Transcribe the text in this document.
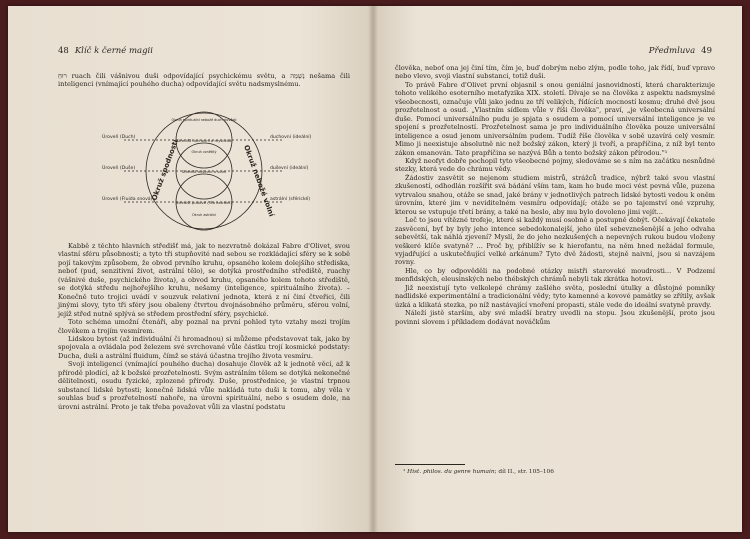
48 Klíč k černé magii

רוּחַ ruach čili vášnivou duši odpovídající psychickému světu, a נְשָׁמָה nešama čili inteligenci (vnímající pouhého ducha) odpovídající světu nadsmyslnému.

Úroveň (Duch)
Úroveň (Duše)
Úroveň (Fluida snová)
duchovní (ideální)
duševní (ideální)
astrální (sférické)
Středišť duchovní a mystická
Středišť duševní a volní
Středišť pudové (Těo astrální)
Okruh spirituální nebožé duch zlověstí
Okruh vznětitý
Okruh astrální
Okruž spodnosti	Okruž nebožé volní

Kabbě z těchto hlavních středišť má, jak to nezvratně dokázal Fabre d'Olivet, svou vlastní sféru působnosti; a tyto tři stupňovité nad sebou se rozkládající sféry se k sobě pojí takovým způsobem, že obvod prvního kruhu, opsaného kolem dolejšího střediska, neboť (pud, senzitivní život, astrální tělo), se dotýká prostředního střediště, ruachy (vášnivé duše, psychického života), a obvod kruhu, opsaného kolem tohoto střediště, se dotýká středu nejhořejšího kruhu, nešamy (inteligence, spirituálního života). – Konečně tuto trojici uvádí v souzvuk relativní jednota, která z ní činí čtveřici, čili jinými slovy, tyto tři sféry jsou obaleny čtvrtou dvojnásobného průměru, sférou volní, jejíž střed nutně splývá se středem prostřední sféry, psychické.

Toto schéma umožní čtenáři, aby poznal na první pohled tyto vztahy mezi trojím člověkem a trojím vesmírem.

Lidskou bytost (až individuální či hromadnou) si můžeme představovat tak, jako by spojovala a ovládala pod železem své svrchované vůle částku trojí kosmické podstaty: Ducha, duši a astrální fluidum, čímž se stává účastna trojího života vesmíru.

Svoji inteligencí (vnímající pouhého ducha) dosahuje člověk až k jednotě věcí, až k přírodě plodící, až k božské prozřetelnosti. Svým astrálním tělem se dotýká nekonečné dělitelnosti, osudu fyzické, zplozené přírody. Duše, prostřednice, je vlastní trpnou substancí lidské bytosti; konečně lidská vůle nakládá tuto duši k tomu, aby věla v souhlas buď s prozřetelností nahoře, na úrovni spirituální, nebo s osudem dole, na úrovni astrální. Proto je tak třeba považovat vůli za vlastní podstatu

Předmluva 49

člověka, neboť ona jej činí tím, čím je, buď dobrým nebo zlým, podle toho, jak řídí, buď vpravo nebo vlevo, svoji vlastní substanci, totiž duši.

To právě Fabre d'Olivet první objasnil s onou geniální jasnovidností, která charakterizuje tohoto velikého esoterního metafyzika XIX. století. Dívaje se na člověka z aspektu nadsmyslné všeobecnosti, označuje vůli jako jednu ze tří velikých, řídících mocností kosmu; druhé dvě jsou prozřetelnost a osud. „Vlastním sídlem vůle v říši člověka", praví, „je všeobecná universální duše. Pomocí universálního pudu je spjata s osudem a pomocí universální inteligence je ve spojení s prozřetelností. Prozřetelnost sama je pro individuálního člověka pouze universální inteligence a osud jenom universálním pudem. Tudíž říše člověka v sobě uzavírá celý vesmír. Mimo ji neexistuje absolutně nic než božský zákon, který ji tvoří, a prapříčina, z níž byl tento zákon emanován. Tato prapříčina se nazývá Bůh a tento božský zákon přírodou."¹

Když neofyt dobře pochopil tyto všeobecné pojmy, sledováme se s ním na začátku nesnůdné stezky, která vede do chrámu vědy.

Žádostiv zasvětit se nejenom studiem mistrů, strážců tradice, nýbrž také svou vlastní zkušeností, odhodlán rozšířit svá bádání vším tam, kam ho bude moci vést pevná vůle, puzena vytrvalou snahou, otáže se snad, jaké brány v jednotlivých patrech lidské bytosti vedou k oněm úrovním, které jim v neviditelném vesmíru odpovídají; otáže se po tajemství oné vzpruhy, kterou se vstupuje třetí brány, a také na heslo, aby mu bylo dovoleno jimi vejít...

Leč to jsou vítězné trofeje, které si každý musí osobně a postupně dobýt. Očekávají čekatele zasvěcení, byť by byly jeho intence sebedokonalejší, jeho úleI sebevznešenější a jeho odvaha sebevětší, tak náhlá zjevení? Myslí, že do jeho nezkušených a nepevných rukou budou vloženy veškeré klíče svatyně? ... Proč by, přiblížív se k hierofantu, na něm hned nežádal formule, vyjadřující a uskutečňující velké arkánum? Tyto dvě žádosti, stejně naivní, jsou si navzájem rovny.

Hle, co by odpověděli na podobné otázky mistři staroveké moudrosti... V Podzemí menfidských, eleusinských nebo thébských chrámů nebyli tak zkrátka hotovi.

Již neexistují tyto velkolepé chrámy zašlého světa, poslední útulky a důstojné pomníky nadlidské experimentální a tradicionální vědy; tyto kamenné a kovové památky se zřítily, avšak úzká a klikatá stezka, po níž nastávající vnoření propasti, stále vede do ideální svatyně pravdy.

Náleží jistě starším, aby své mladší bratry uvedli na stopu. Jsou zkušenější, proto jsou povinni slovem i příkladem dodávat nováčkům

¹ Hist. philos. du genre humain; díl II., str. 105–106
